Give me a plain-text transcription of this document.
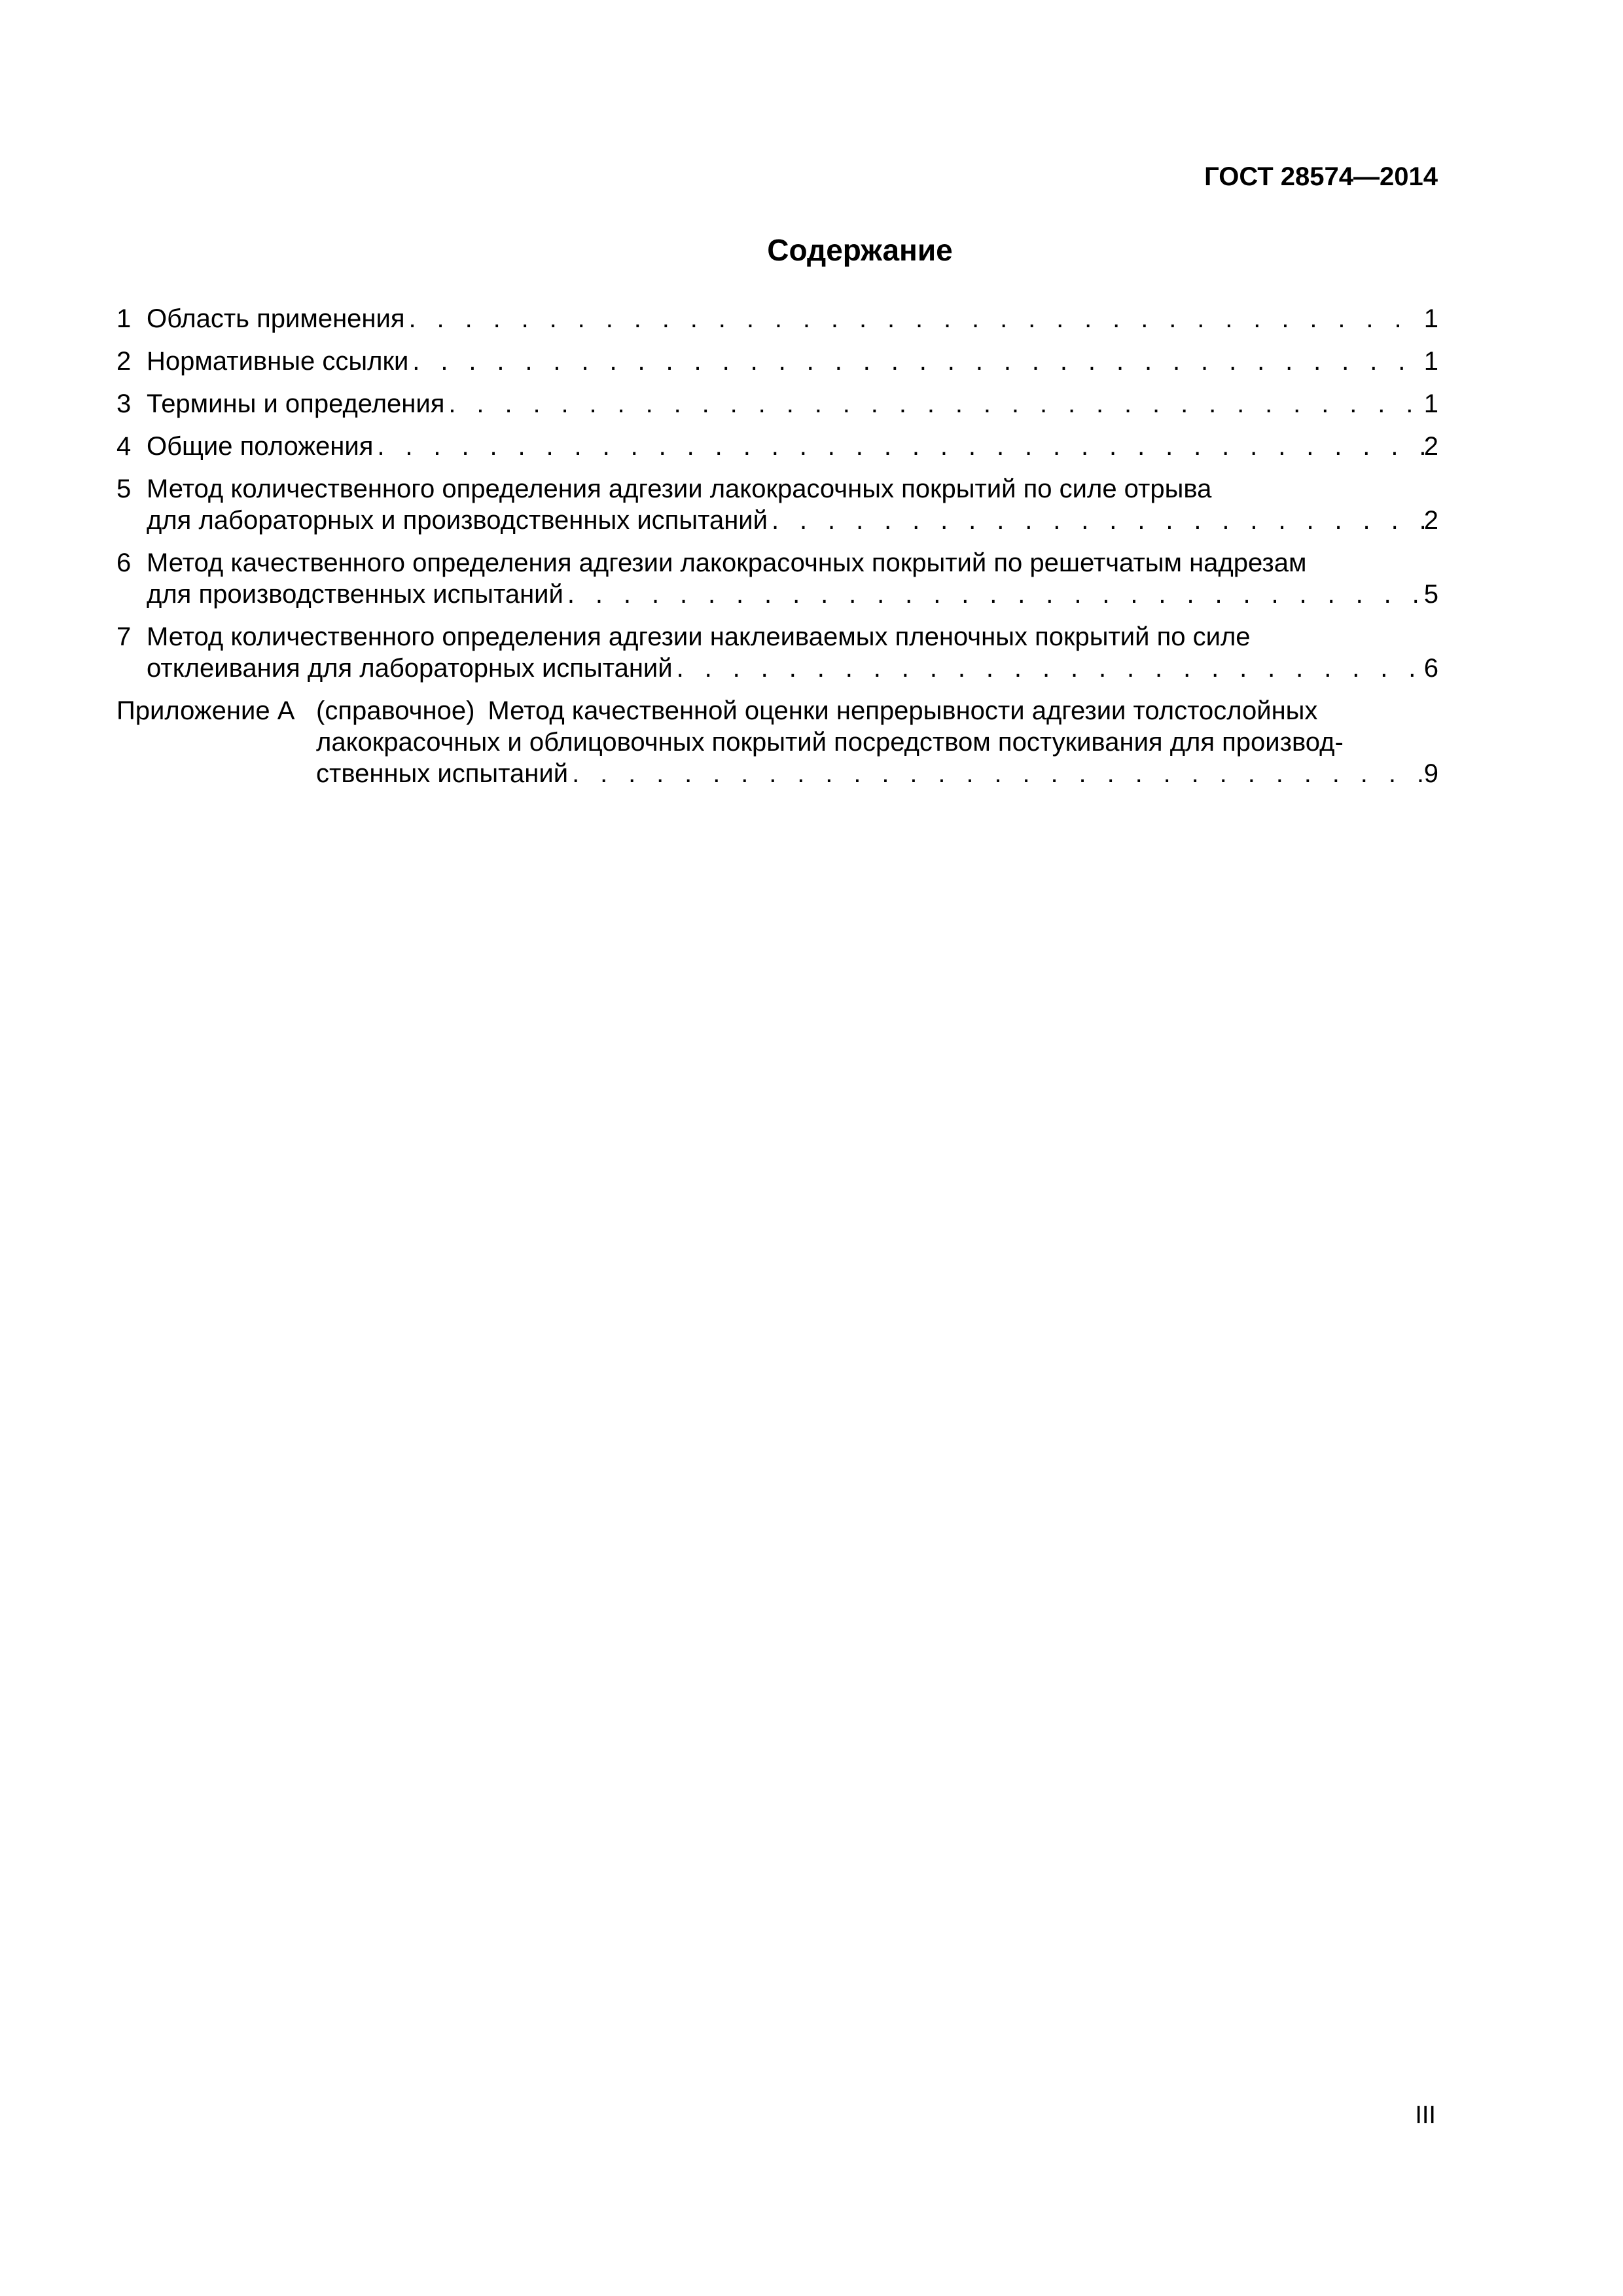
ГОСТ 28574—2014
Содержание
1 Область применения . . .	1
2 Нормативные ссылки . . .	1
3 Термины и определения . . .	1
4 Общие положения . . .	2
5 Метод количественного определения адгезии лакокрасочных покрытий по силе отрыва
для лабораторных и производственных испытаний . . .	2
6 Метод качественного определения адгезии лакокрасочных покрытий по решетчатым надрезам
для производственных испытаний . . .	5
7 Метод количественного определения адгезии наклеиваемых пленочных покрытий по силе
отклеивания для лабораторных испытаний . . .	6
Приложение А (справочное) Метод качественной оценки непрерывности адгезии толстослойных
лакокрасочных и облицовочных покрытий посредством постукивания для производ-
ственных испытаний . . .	9
III
